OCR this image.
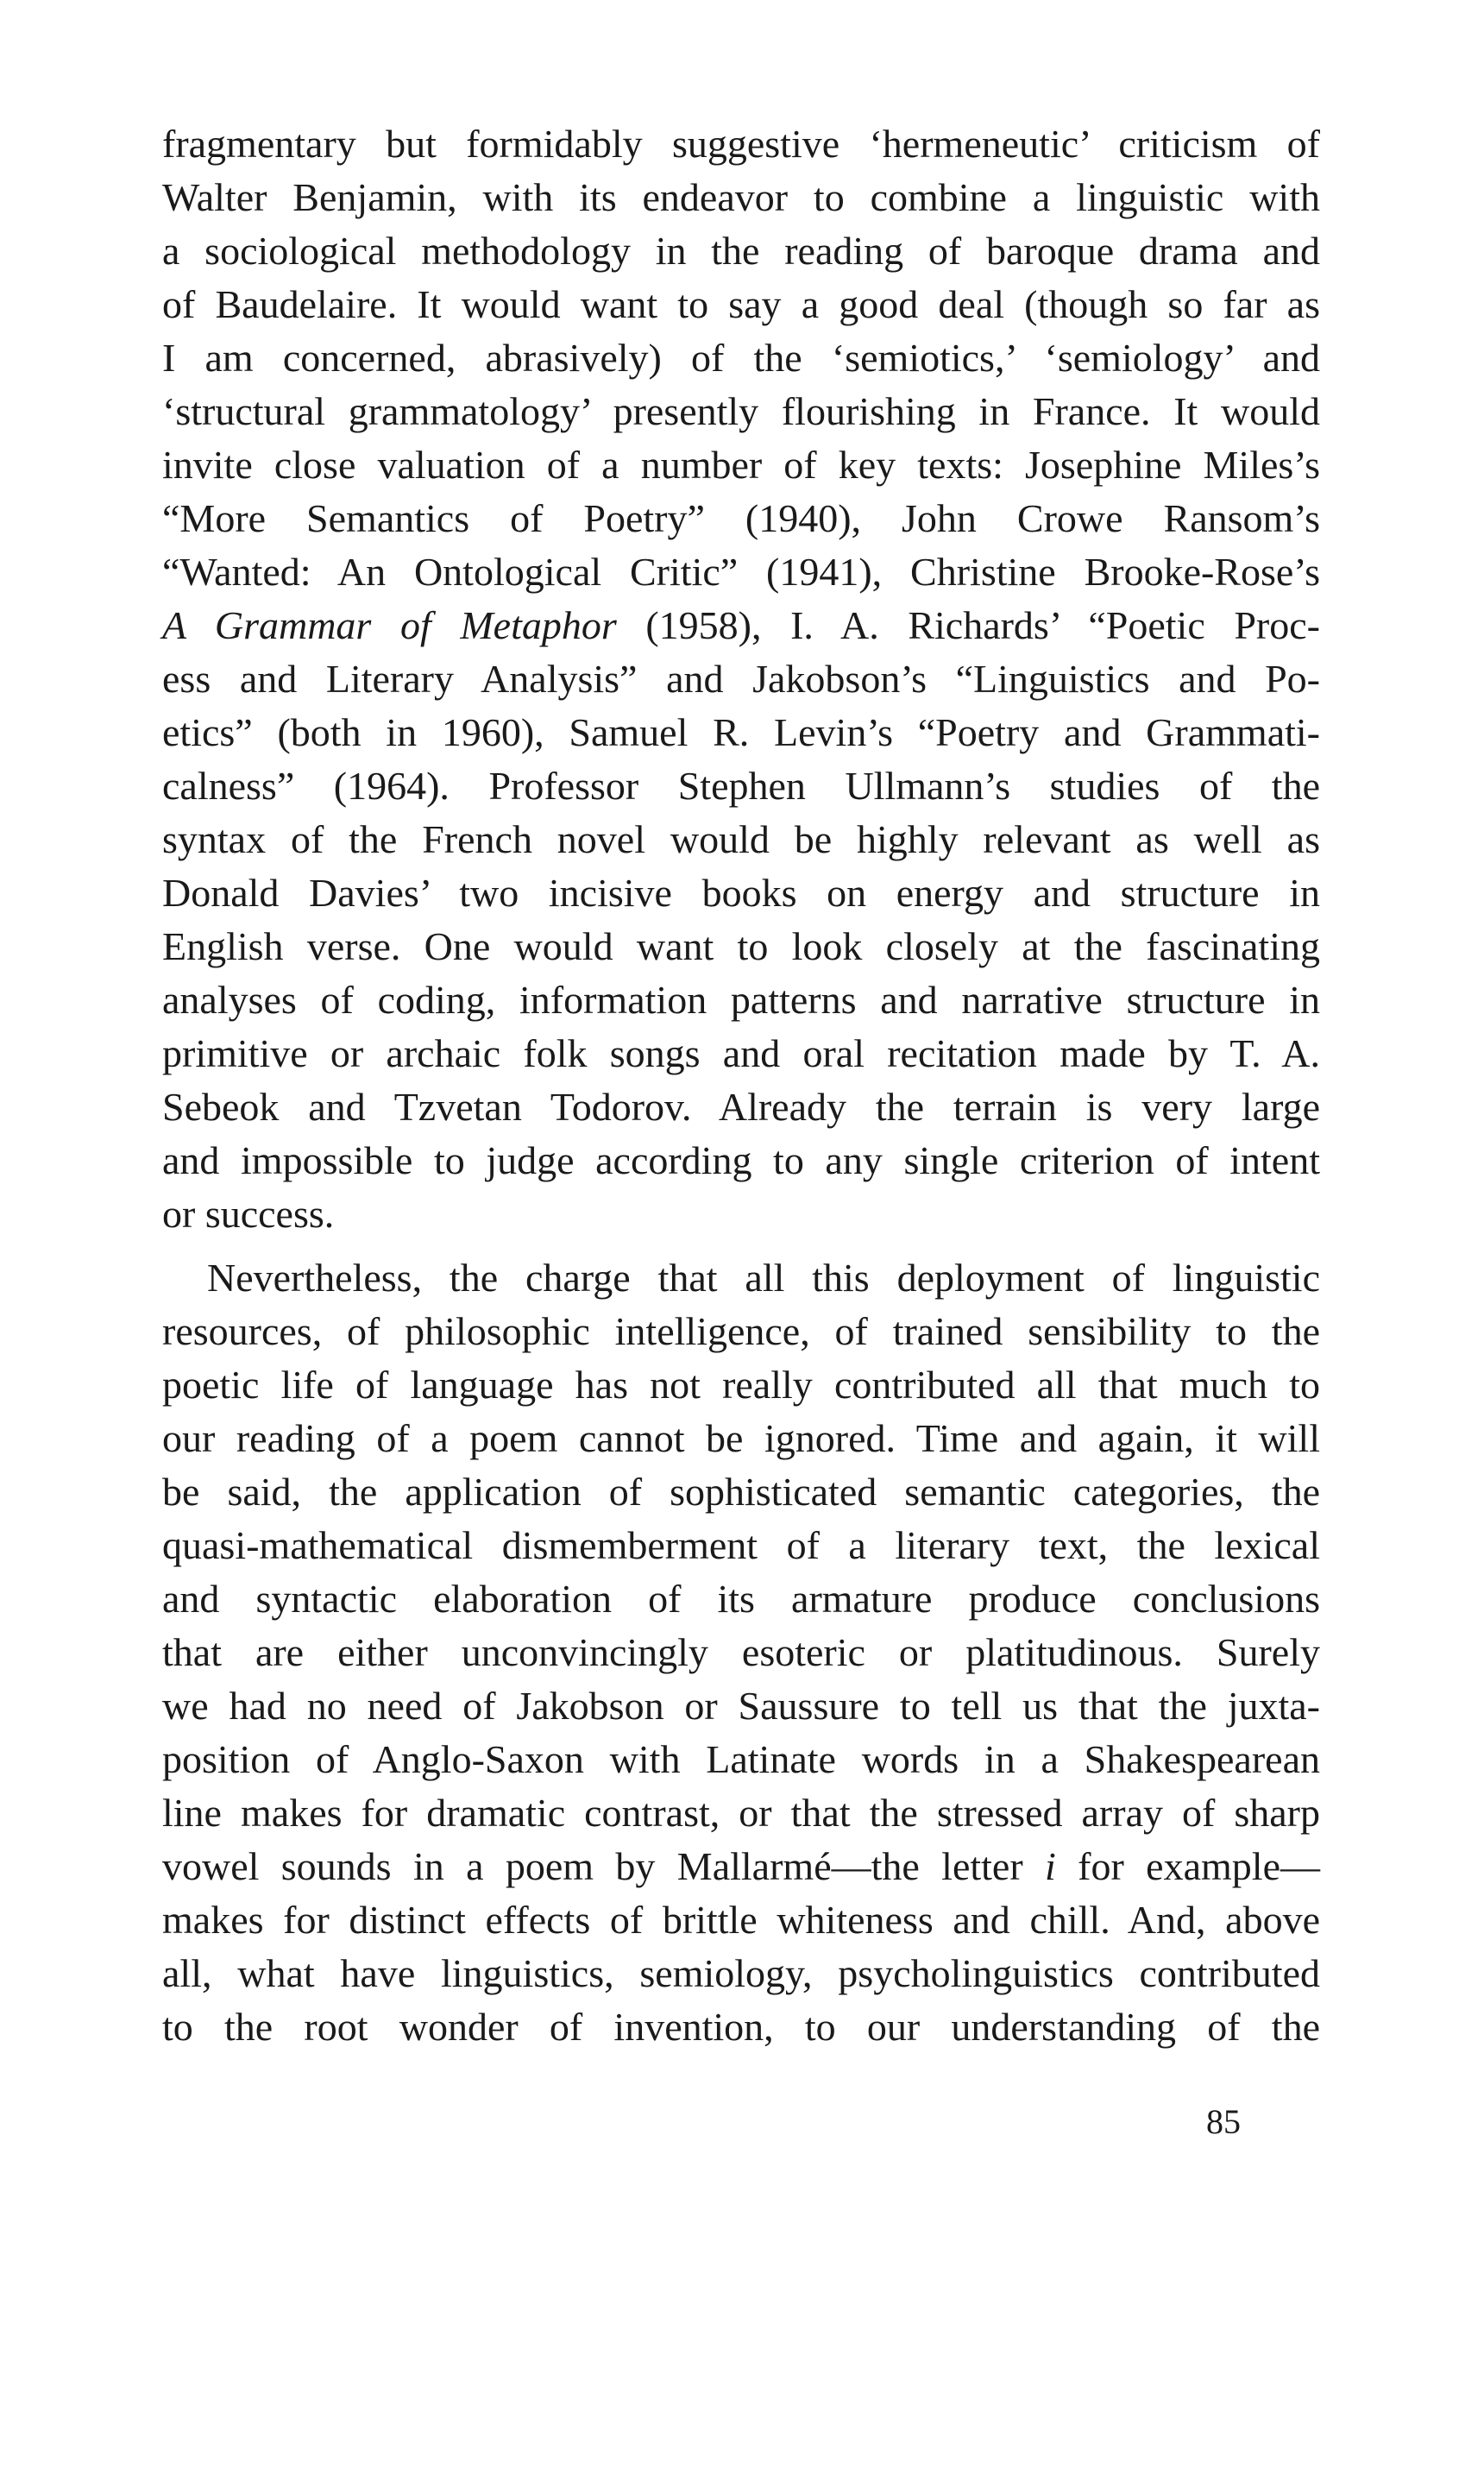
fragmentary but formidably suggestive ‘hermeneutic’ criticism of
Walter Benjamin, with its endeavor to combine a linguistic with
a sociological methodology in the reading of baroque drama and
of Baudelaire. It would want to say a good deal (though so far as
I am concerned, abrasively) of the ‘semiotics,’ ‘semiology’ and
‘structural grammatology’ presently flourishing in France. It would
invite close valuation of a number of key texts: Josephine Miles’s
“More Semantics of Poetry” (1940), John Crowe Ransom’s
“Wanted: An Ontological Critic” (1941), Christine Brooke-Rose’s
A Grammar of Metaphor (1958), I. A. Richards’ “Poetic Proc-
ess and Literary Analysis” and Jakobson’s “Linguistics and Po-
etics” (both in 1960), Samuel R. Levin’s “Poetry and Grammati-
calness” (1964). Professor Stephen Ullmann’s studies of the
syntax of the French novel would be highly relevant as well as
Donald Davies’ two incisive books on energy and structure in
English verse. One would want to look closely at the fascinating
analyses of coding, information patterns and narrative structure in
primitive or archaic folk songs and oral recitation made by T. A.
Sebeok and Tzvetan Todorov. Already the terrain is very large
and impossible to judge according to any single criterion of intent
or success.
Nevertheless, the charge that all this deployment of linguistic
resources, of philosophic intelligence, of trained sensibility to the
poetic life of language has not really contributed all that much to
our reading of a poem cannot be ignored. Time and again, it will
be said, the application of sophisticated semantic categories, the
quasi-mathematical dismemberment of a literary text, the lexical
and syntactic elaboration of its armature produce conclusions
that are either unconvincingly esoteric or platitudinous. Surely
we had no need of Jakobson or Saussure to tell us that the juxta-
position of Anglo-Saxon with Latinate words in a Shakespearean
line makes for dramatic contrast, or that the stressed array of sharp
vowel sounds in a poem by Mallarmé—the letter i for example—
makes for distinct effects of brittle whiteness and chill. And, above
all, what have linguistics, semiology, psycholinguistics contributed
to the root wonder of invention, to our understanding of the
85
